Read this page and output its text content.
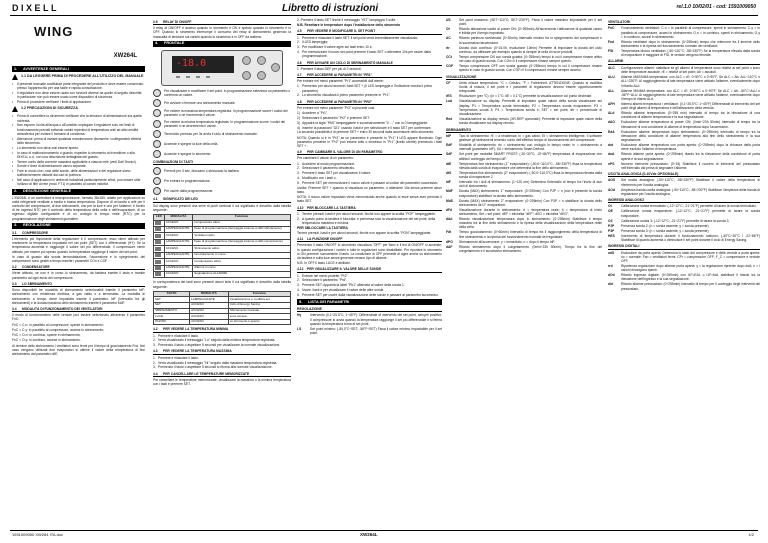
DIXELL	Libretto di istruzioni	rel.1.0 10/02/01 - cod: 1591009050
WING
XW264L
1.	AVVERTENZE GENERALI
1.1 DA LEGGERE PRIMA DI PROCEDERE ALL'UTILIZZO DEL MANUALE
•	Il presente manuale costituisce parte integrante del prodotto e deve essere conservato presso l'apparecchio per una facile e rapida consultazione.
•	Il regolatore non deve essere usato con funzioni diverse da quelle di seguito descritte, in particolare non può essere usato come dispositivo di sicurezza.
•	Prima di procedere verificare i limiti di applicazione.
1.2 PRECAUZIONI DI SICUREZZA
•	Prima di connettere lo strumento verificare che la tensione di alimentazione sia quella richiesta.
•	Non esporre l'unità all'acqua o all'umidità: impiegare il regolatore solo nei limiti di funzionamento previsti evitando cambi repentini di temperatura uniti ad alta umidità atmosferica per evitare il formarsi di condensa.
•	Attenzione: prima di iniziare qualsiasi manutenzione disinserire i collegamenti elettrici dello strumento.
•	Lo strumento non deve mai essere aperto.
•	In caso di malfunzionamento o guasto, rispedire lo strumento al rivenditore o alla DIXELL s.r.l. con una descrizione dettagliata del guasto.
•	Tenere conto della corrente massima applicabile a ciascun relè (vedi Dati Tecnici).
•	Sonde e linee di alimentazione vanno separate.
•	Fare in modo che i cavi delle sonde, delle alimentazioni e del regolatore siano sufficientemente distanti dai cavi di potenza.
•	Nel caso di applicazioni in ambienti industriali particolarmente critici, può essere utile l'utilizzo di filtri di rete (mod. FT1) in parallelo ai carichi induttivi.
2.	DESCRIZIONE GENERALE
L'XW264L è un controllore a microprocessore, formato 38x185, adatto per applicazioni su unità refrigeranti ventilate a media e bassa temperatura. Dispone di un'uscita a relè per il controllo del compressore, di due sbrinamenti, uno per la luce e uno per l'allarme; è fornito di tre ingressi NTC per il controllo della temperatura della cella e dell'evaporatore, di un ingresso digitale configurabile e di un orologio in tempo reale (RTC) per la programmazione degli sbrinamenti giornalieri.
3.	REGOLAZIONE
3.1	COMPRESSORE
L'elemento più importante della regolazione è il compressore: esso viene attivato per mantenere la temperatura impostata nel set point (SET) con il differenziale (HY). Se la temperatura aumenta e raggiunge il valore set più differenziale, il compressore viene attivato, per essere poi spento quando la temperatura raggiunge il valore del set point.
In caso di guasto alla sonda termostatazione, l'accensione e lo spegnimento del compressore sono gestiti a tempo tramite i parametri COn e COF.
3.2	CONDENSATORE
Viene attivato, se non è in corso lo sbrinamento, da tastiera tramite il tasto e tramite parametro ad ogni avvio del compressore.
3.3	LO SBRINAMENTO
Sono disponibili tre modalità di sbrinamento selezionabili tramite il parametro tdF: sbrinamento con resistenza elettrica, a gas caldo o a termostato. La modalità di sbrinamento a tempo viene impostata tramite il parametro IdF (intervallo tra gli sbrinamenti) e la durata massima dello sbrinamento tramite il parametro MdF.
3.4	MODALITÀ DI FUNZIONAMENTO DEI VENTILATORI
Il modo di funzionamento delle ventole può essere selezionato attraverso il parametro FnC:
FnC = C-n: in parallelo al compressore, spente in sbrinamento;
FnC = C-y: in parallelo al compressore, accese in sbrinamento;
FnC = O-n: in continuo, spente in sbrinamento;
FnC = O-y: in continuo, accese in sbrinamento.
Al termine dello sbrinamento i ventilatori sono fermi per il tempo di gocciolamento Fnd. Nel caso vengano utilizzati due evaporatori si ottiene il valore della temperatura di fine sbrinamento dal parametro dtE.
3.5	RELAY DI ON/OFF
Il relay di ON/OFF è acceso quando lo strumento è ON e spento quando lo strumento è in OFF. Quando lo strumento interrompe il consumo del relay di sbrinamento gestendo la manualità di tensione sui carichi quando lo strumento è in OFF da tastiera.
4.	FRONTALE
-18.0
Per visualizzare e modificare il set point. In programmazione seleziona un parametro o conferma un valore.
Per avviare o fermare uno sbrinamento manuale.
Per vedere la massima temperatura registrata. In programmazione scorre i codici dei parametri o ne incrementa il valore.
Per vedere la minima temperatura registrata. In programmazione scorre i codici dei parametri o ne decrementa il valore.
Tenendolo premuto per 3s avvia il ciclo di sbrinamento manuale.
Accende e spegne la luce della cella.
Accende e spegne lo strumento.
COMBINAZIONI DI TASTI
Premuti per 3 sec, bloccano o sbloccano la tastiera.
Per entrare in programmazione.
Per uscire dalla programmazione.
4.1	SIGNIFICATO DEI LED
Sul display sono presenti una serie di punti luminosi il cui significato è descritto dalla tabella seguente:
LED	MODALITÀ	Funzione
	ACCESO	Compressore attivo
	LAMPEGGIANTE	Fase di programmazione (lampeggia insieme a LED sbrinamento)
	ACCESO	Ventilatori attivi
	LAMPEGGIANTE	Fase di programmazione (lampeggia insieme a LED compressore)
	ACCESO	Sbrinamento attivo
	LAMPEGGIANTE	Gocciolamento in corso
	ACCESO	Condensatore attivo
	LAMPEGGIANTE	Allarme in corso
	ACCESO	Segnalazione ALLARME
In corrispondenza dei tasti sono presenti alcuni leds il cui significato è descritto dalla tabella seguente:
TASTO	MODALITÀ	Funzione
SET	LAMPEGGIANTE	Visualizzazione e modifica set
SET	ACCESO	Ciclo di Energy Saving
SBRINAMENTO	ACCESO	Sbrinamento manuale
LUCE	ACCESO	Luce accesa
ON/OFF	ACCESO	Lo strumento è spento
4.2	PER VEDERE LA TEMPERATURA MINIMA
1. Premere e rilasciare il tasto.
2. Verrà visualizzato il messaggio "Lo" seguito dalla minima temperatura registrata.
3. Premendo il tasto o aspettare 5 secondi per visualizzare la normale visualizzazione.
4.3	PER VEDERE LA TEMPERATURA MASSIMA
1. Premere e rilasciare il tasto.
2. Verrà visualizzato il messaggio "Hi" seguito dalla massima temperatura registrata.
3. Premendo il tasto o aspettare 5 secondi si ritorna alla normale visualizzazione.
4.4	PER CANCELLARE LE TEMPERATURE MEMORIZZATE
Per cancellare le temperature memorizzate, visualizzare la massima o la minima temperatura con i tasti e premere SET.
2. Premere il tasto SET finché il messaggio "rST" lampeggia 3 volte.
N.B. Resettare le temperature dopo l'installazione dello strumento
4.5	PER VEDERE E MODIFICARE IL SET POINT
1. Premere e rilasciare il tasto SET: il set point verrà immediatamente visualizzato;
2. Il LED lampeggia;
3. Per modificare il valore agire sui tasti entro 10 s;
4. Per memorizzare il nuovo set point premere il tasto SET o attendere 10s per uscire dalla programmazione.
4.6	PER AVVIARE UN CICLO DI SBRINAMENTO MANUALE
1. Premere il tasto DEF per più di 2 secondi.
4.7	PER ACCEDERE AI PARAMETRI IN "PR1"
Per entrare nel menù parametri "Pr1" accessibili dall'utente:
1. Premendo per alcuni secondi i tasti SET + (il LED lampeggia e l'indicatore mostra il primo parametro)
2. Lo strumento visualizza il primo parametro presente in "Pr1".
4.8	PER ACCEDERE AI PARAMETRI IN "PR2"
Per entrare nel menù parametri "Pr2" si procede così:
1) Accedere a "Pr1".
2) Selezionare il parametro "Pr2" e premere SET.
3) Apparirà la sigla "PAS" lampeggiante e successivamente "0 - -" con lo 0 lampeggiante.
4) Inserire la password "321" usando i tasti e per selezionare e il tasto SET per confermare.
La seconda possibilità è di premere SET + entro 30 secondi dalla accensione dello strumento.
NOTA: Quando si è in "Pr2" se un parametro è presente in "Pr1" il LED appare illuminato. Ogni parametro presente in "Pr2" può essere tolto o immesso in "Pr1" (livello utente) premendo i tasti SET + .
4.9	PER CAMBIARE IL VALORE DI UN PARAMETRO
Per cambiare il valore di un parametro:
1. Accedere al modo programmazione.
2. Selezionare il parametro desiderato.
3. Premere il tasto SET per visualizzarne il valore.
4. Modificarlo con i tasti o .
5. Premere SET per memorizzare il nuovo valore e passare al codice del parametro successivo.
Uscita: Premere SET + quando si visualizza un parametro, o attendere 15s senza premere alcun tasto.
NOTA: Il nuovo valore impostato viene memorizzato anche quando si esce senza aver premuto il tasto SET.
4.10	PER BLOCCARE LA TASTIERA
1. Tenere premuti i tasti e per alcuni secondi, finché non appare la scritta "POF" lampeggiante.
2. A questo punto la tastiera è bloccata: è permessa solo la visualizzazione del set point, della temperatura massima e minima.
PER SBLOCCARE LA TASTIERA
Tenere premuti i tasti e per alcuni secondi, finché non appare la scritta "PON" lampeggiante.
4.11	LA FUNZIONE ON/OFF
Premendo il tasto ON/OFF lo strumento visualizza "OFF" per 5sec e il led di ON/OFF si accende. In questo configurazione i carichi e tutte le regolazioni sono disabilitate. Per riportare lo strumento in ON premere nuovamente il tasto. La condizione di OFF permette di agire anche su sbrinamento da tastiera e sulla luce senza generare nessun tipo di allarme.
N.B. In OFF il tasto LUCE è abilitato.
4.12	PER VISUALIZZARE IL VALORE DELLE SONDE
1. Entrare nel menù protetto "Pr2".
2. Selezionare il parametro "Prd".
3. Premere SET: Apparirà la label "Pb1" alternata al valore della sonda 1.
4. Usare i tasti e per visualizzare il valore delle altre sonde.
5. Premere SET per uscire dalla visualizzazione delle sonde e passare al parametro successivo.
5.	LISTA DEI PARAMETRI
REGOLAZIONE
Hy	Intervento (0,1÷25,5°C; 1÷45°F): Differenziale di intervento del set point, sempre positivo. Il compressore si avvia quando la temperatura raggiunge il set più differenziale e si ferma quando la temperatura torna al set point.
LS	Set point minimo: (-50,0°C÷SET; -58°F÷SET) Fissa il valore minimo impostabile per il set point.
US	Set point massimo: (SET÷110°C; SET÷230°F). Fissa il valore massimo impostabile per il set point.
Ot	Ritardo attivazione uscite al power ON: (0÷255min) All'accensione l'attivazione di qualsiasi carico è inibita per il tempo impostato.
AC	Ritardo partenza ravvicinata: (0÷30min) Intervallo minimo fra lo spegnimento del compressore e la successiva riaccensione.
rtr	Durata ciclo continuo: (0÷24.0h, risoluzione 10min) Permette di impostare la durata del ciclo continuo, da utilizzare per esempio quando si riempie la cella di nuovi prodotti.
CCt	Tempo compressore ON con sonda guasta: (0÷255min) tempo in cui il compressore rimane attivo nel caso di guasto sonda. Con COn=0 il compressore rimane sempre spento.
COF	Tempo compressore OFF con sonda guasta: (0÷255min) tempo in cui il compressore rimane spento in caso di guasto sonda. Con COF=0 il compressore rimane sempre acceso.
VISUALIZZAZIONE
CF	Unità misura temperatura: °C = Celsius; °F = Fahrenheit. ATTENZIONE: Quando si modifica l'unità di misura, il set point e i parametri di regolazione devono essere opportunamente reimpostati.
rES	Risoluzione (per °C): (in = 1°C; dE = 0,1°C) permette la visualizzazione col punto decimale.
Lod	Visualizzazione su display: Permette di impostare quale valore della sonda visualizzare sul display. P1 = Temperatura sonda termostato; P2 = Temperatura sonda evaporatore; P3 = Temperatura sonda 3; P4 = Temperatura sonda 4; SET = set point; dtr = percentuale di visualizzazione.
Red	Visualizzazione su display remoto (XR-REP opzionale): Permette di impostare quale valore della sonda visualizzare sul display remoto.
SBRINAMENTO
tdF	Tipo di sbrinamento: rE = a resistenza; in = gas caldo; Et = sbrinamento intelligente. Il software gestisce gli sbrinamenti tenendo conto dell'effettivo tempo di funzionamento del compressore.
EdF	Modalità di sbrinamento: rtc = sbrinamento con orologio in tempo reale; in = sbrinamento a intervalli (parametro IdF); Sd = sbrinamento Smart Defrost.
SdF	Set point per modalità SMART FROST: (-30÷30°C; -22÷86°F) temperatura di evaporazione che abilita il conteggio del tempo IdF.
dtE	Temperatura fine sbrinamento (1° evaporatore): (-50,0÷110,0°C; -58÷230°F) fissa la temperatura rilevata dalla sonda di evaporatore che determina la fine dello sbrinamento.
dtS	Temperatura fine sbrinamento (2° evaporatore): (-50,0÷110,0°C) fissa la temperatura rilevata dalla sonda di evaporatore 2.
IdF	Intervallo fra i cicli di sbrinamento: (1÷120 ore) Determina l'intervallo di tempo fra l'inizio di due cicli di sbrinamento.
MdF	Durata (MAX) sbrinamento 1° evaporatore: (0÷255min) Con P2P = n (non è presente la sonda evaporatore) stabilisce la durata dello sbrinamento.
MdS	Durata (MAX) sbrinamento 2° evaporatore: (0÷255min) Con P3P = n stabilisce la durata dello sbrinamento del 2° evaporatore.
dFd	Visualizzazione durante lo sbrinamento: rt = temperatura reale; it = temperatura di inizio sbrinamento; Set = set point; dEF = etichetta "dEF"; dEG = etichetta "dEG".
dAd	Ritardo visualizzazione temperatura dopo lo sbrinamento: (0÷255min) Stabilisce il tempo massimo tra la fine dello sbrinamento e la ripresa della visualizzazione della temperatura reale della cella.
Fdt	Tempo gocciolamento: (0÷60min) Intervallo di tempo fra il raggiungimento della temperatura di fine sbrinamento e la ripresa del funzionamento normale del regolatore.
dPO	Sbrinamento all'accensione: y = immediato; n = dopo il tempo IdF.
dAF	Ritardo sbrinamento dopo il congelamento: (0min÷23h 50min). Tempo fra la fine del congelamento e il successivo sbrinamento.
VENTILATORI
FnC	Funzionamento ventilatori: C-n = in parallelo al compressore, spenti in sbrinamento; C-y = in parallelo al compressore, accesi in sbrinamento; O-n = in continuo, spenti in sbrinamento; O-y = in continuo, accesi in sbrinamento.
Fnd	Ritardo ventilatori dopo lo sbrinamento: (0÷255min) tempo che intercorre fra il termine dello sbrinamento e la ripresa del funzionamento normale dei ventilatori.
FSt	Temperatura blocco ventilatori: (-50÷110°C; -58÷230°F) Se la temperatura rilevata dalla sonda di evaporatore è maggiore di FSt, le ventole vengono fermate.
ALLARMI
ALC	Configurazione allarmi: stabilisce se gli allarmi di temperatura sono relativi al set point o sono delle temperature assolute. rE = relativi al set point; Ab = assoluti.
ALU	Allarme MASSIMA temperatura: con ALC = rE: 0÷50°C o 0÷90°F. Se ALC = Ab: ALL÷110°C o ALL÷230°F. Al raggiungimento di tale temperatura viene attivato l'allarme, eventualmente dopo il ritardo ALd.
ALL	Allarme MINIMA temperatura: con ALC = rE: 0÷50°C o 0÷90°F. Se ALC = Ab: -50°C÷ALU o -58°F÷ALU. Al raggiungimento di tale temperatura viene attivato l'allarme, eventualmente dopo il tempo di ritardo ALd.
AFH	Isteresi allarmi temperatura / ventilatori: (0,1÷25,5°C; 1÷45°F) Differenziale di intervento del set point degli allarmi di temperatura e dell'attivazione della ventola.
ALd	Ritardo allarme temperatura: (0÷255 min) intervallo di tempo tra la rilevazione di una condizione di allarme temperatura e la sua segnalazione.
dAO	Esclusione allarme temperatura al power ON: (0min÷23h 50min) intervallo di tempo tra la rilevazione di una condizione di allarme di temperatura dopo l'accensione.
EdA	Esclusione allarme temperatura dopo sbrinamento: (0÷255min) Intervallo di tempo tra la rilevazione della condizione di allarme temperatura alla fine dello sbrinamento e la sua segnalazione.
dot	Esclusione allarme temperatura con porta aperta: (0÷255min) dopo la chiusura della porta viene escluso l'allarme di temperatura.
doA	Ritardo allarme porta aperta: (0÷255min) ritardo tra la rilevazione della condizione di porta aperta e la sua segnalazione.
nPS	Numero interventi pressostato: (0÷15) Stabilisce il numero di interventi del pressostato nell'intervallo did prima di segnalare l'allarme.
USCITA ANALOGICA (0-10Vdc OPZIONALE)
AOS	Set uscita analogica: (-50÷110°C; -58÷230°F) Stabilisce il valore della temperatura di riferimento per l'uscita analogica.
AOd	Ampiezza banda uscita analogica: (-50÷110°C; -58÷230°F) Stabilisce l'ampiezza della banda di regolazione per l'uscita analogica.
INGRESSI ANALOGICI
Ot	Calibrazione sonda termostato: (-12÷12°C; -21÷21°F) permette di tarare la sonda termostato.
OE	Calibrazione sonda evaporatore: (-12÷12°C; -21÷21°F) permette di tarare la sonda evaporatore.
O3	Calibrazione sonda 3: (-12÷12°C; -21÷21°F) permette di tarare la sonda 3.
P2P	Presenza sonda 2: (n = sonda assente; y = sonda presente)
P3P	Presenza sonda 3: (n = sonda assente; y = sonda presente)
HES	Incremento di temperatura durante il funzionamento notturno: (-30°C÷30°C / -22÷86°F) Stabilisce di quanto aumenta o diminuisce il set point durante il ciclo di Energy Saving.
INGRESSI DIGITALI
odS	Esclusione da porta aperta: Determina lo stato del compressore e delle ventole a porta aperta: no = normale; Fan = ventilatori fermi; CPr = compressore OFF; F_C = compressore e ventole OFF.
rrd	Ripartenza regolazione dopo allarme porta aperta: y = la regolazione riprende dopo doA; n = i carichi rimangono spenti.
dOd	Ritardo ingresso digitale: (0÷255min) con i1F=EAL o i1F=bAL stabilisce il ritardo tra la rilevazione dell'ingresso e la sua segnalazione.
did	Ritardo allarme pressostato: (0÷255min) Intervallo di tempo per il conteggio degli interventi del pressostato.
1591009050 XW264 ITA.doc	XW264L	1/2
